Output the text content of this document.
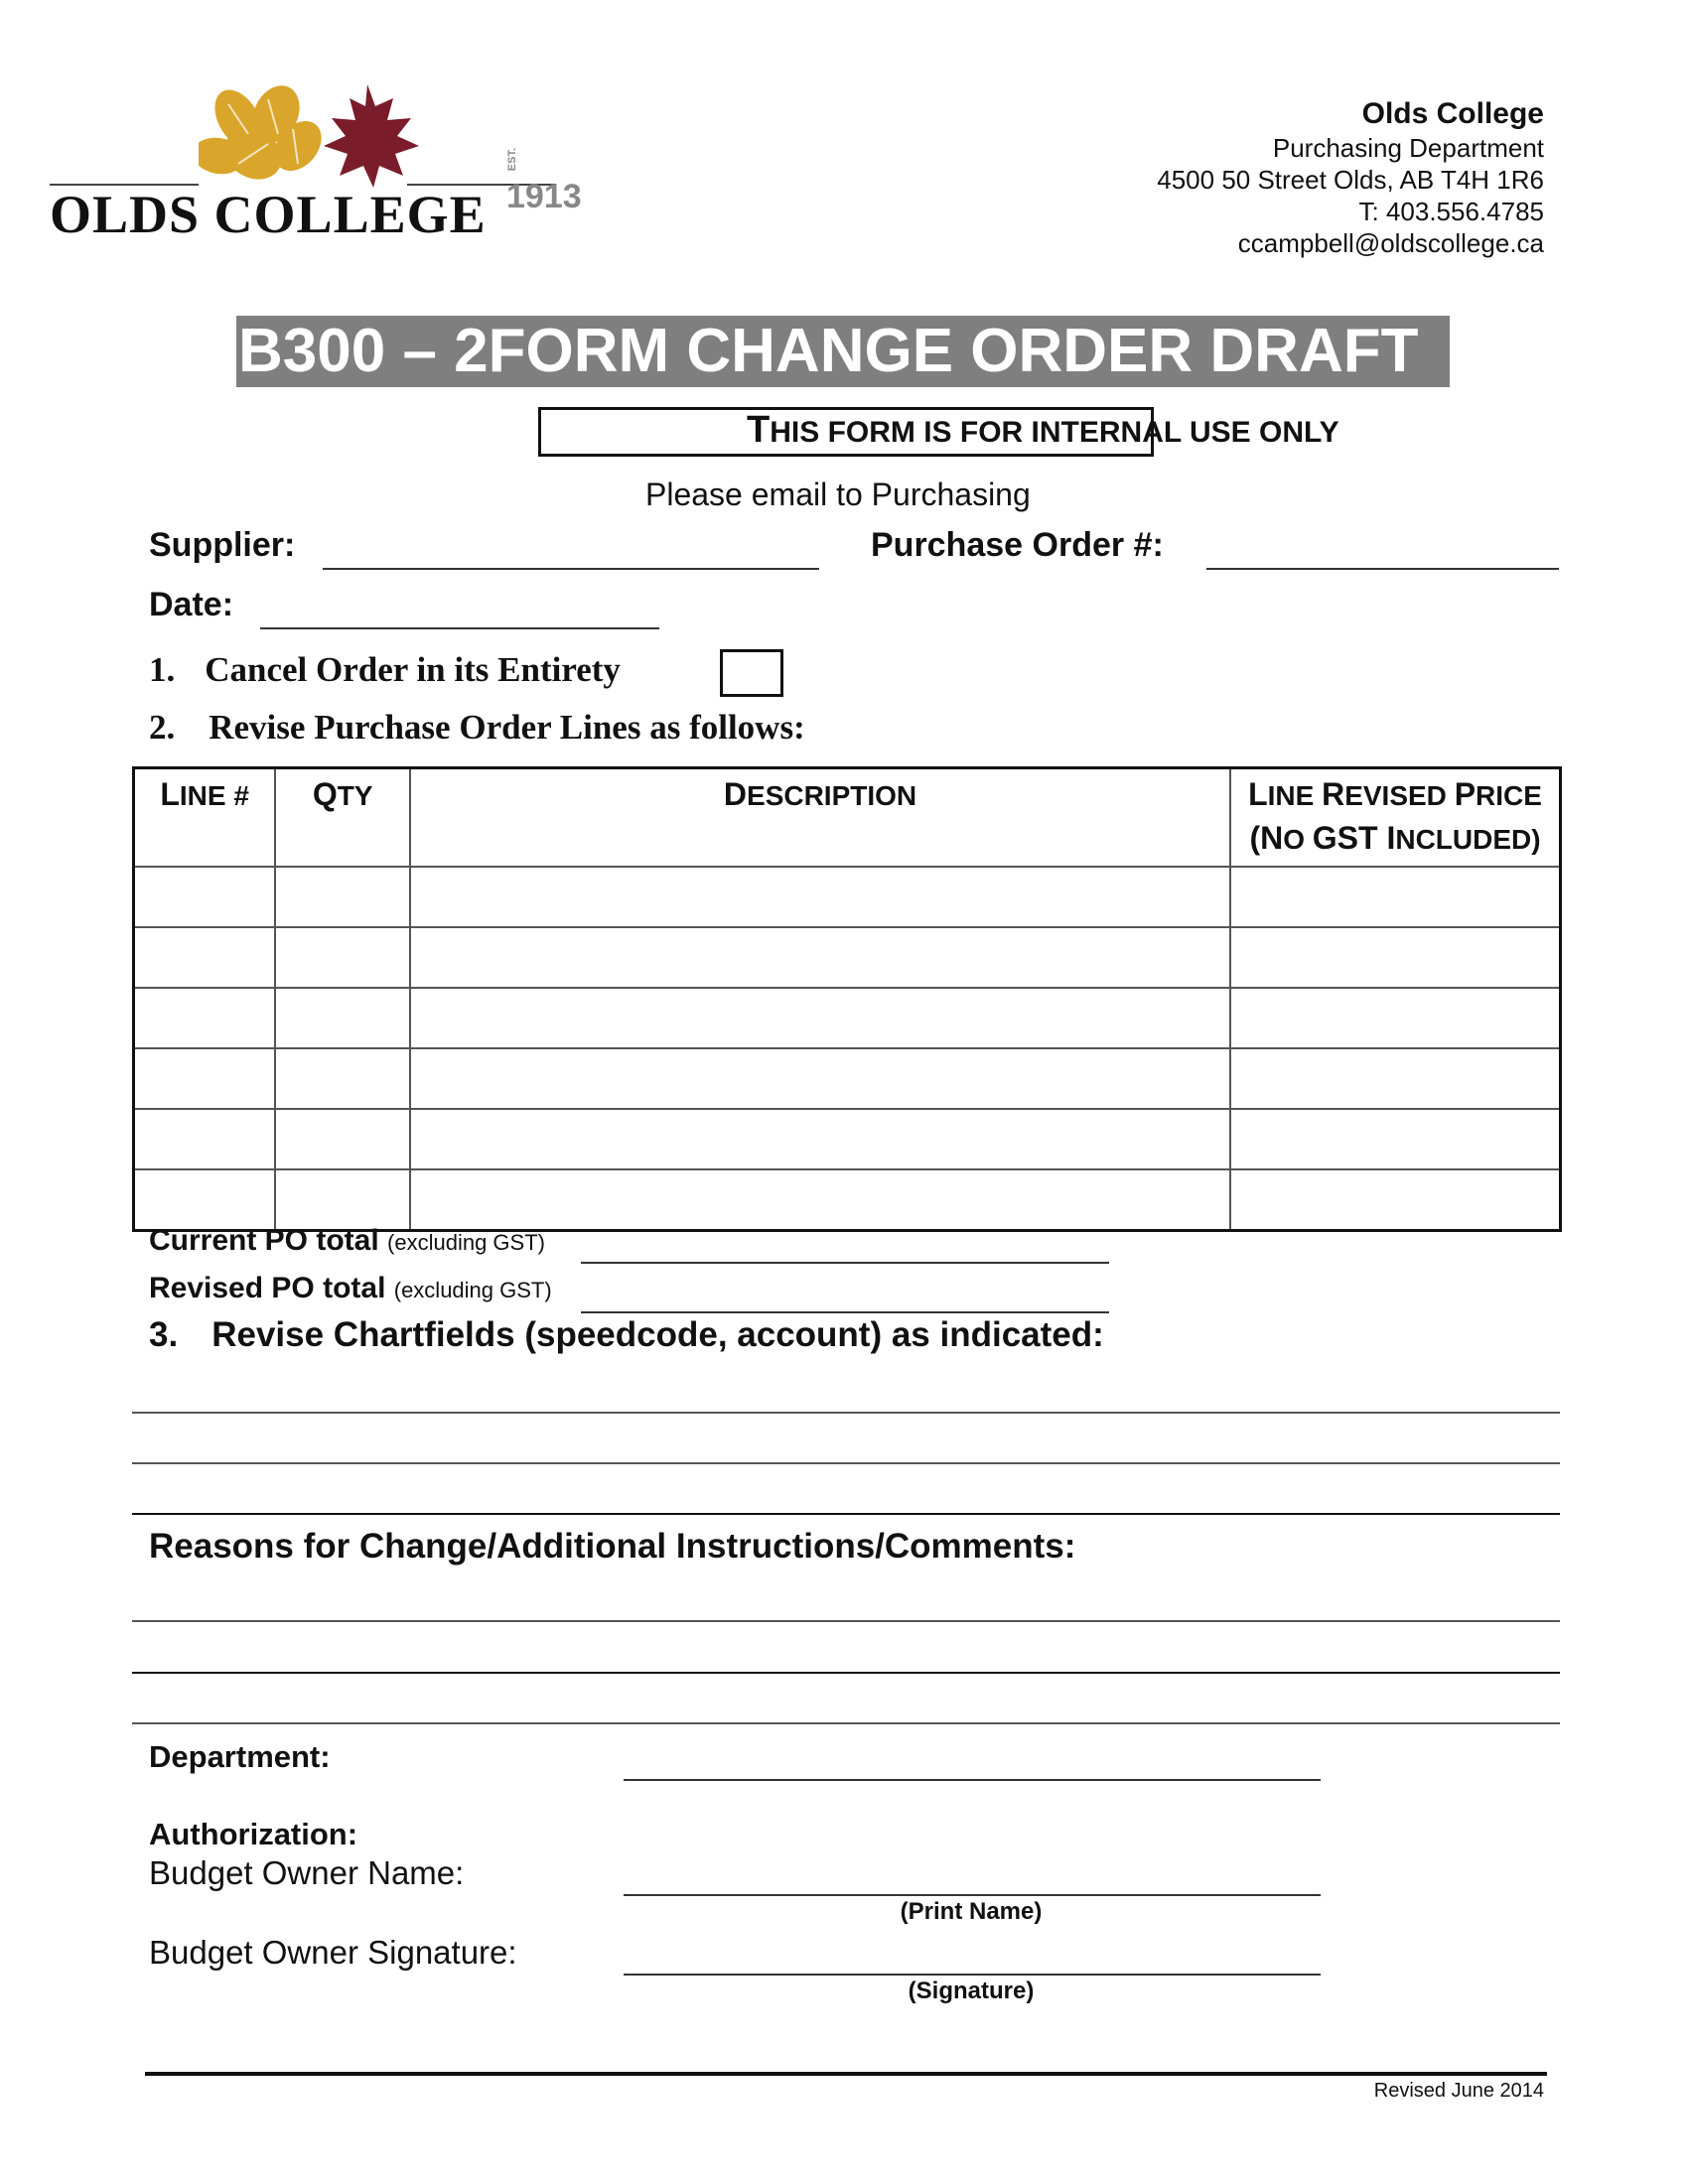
EST.1913
OLDS COLLEGE
Olds College
Purchasing Department
4500 50 Street Olds, AB T4H 1R6
T: 403.556.4785
ccampbell@oldscollege.ca
B300 – 2FORM CHANGE ORDER DRAFT
THIS FORM IS FOR INTERNAL USE ONLY
Please email to Purchasing
Supplier:	Purchase Order #:
Date:
1. Cancel Order in its Entirety
2. Revise Purchase Order Lines as follows:
LINE #	QTY	DESCRIPTION	LINE REVISED PRICE
(NO GST INCLUDED)

Current PO total (excluding GST)
Revised PO total (excluding GST)
3. Revise Chartfields (speedcode, account) as indicated:
Reasons for Change/Additional Instructions/Comments:
Department:
Authorization:
Budget Owner Name:
(Print Name)
Budget Owner Signature:
(Signature)
Revised June 2014
